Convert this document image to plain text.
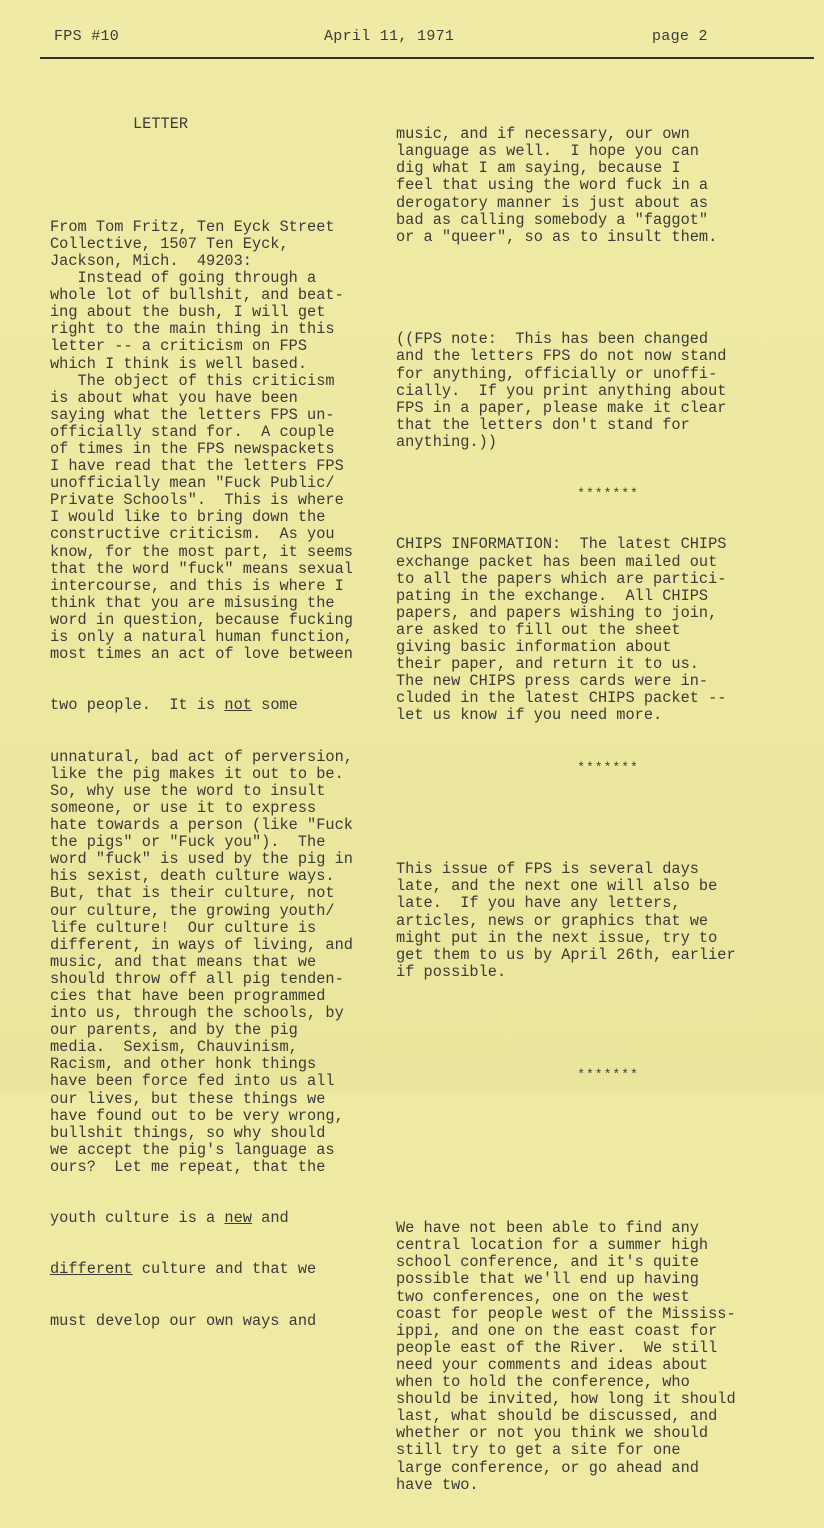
FPS #10	April 11, 1971	page 2

LETTER

From Tom Fritz, Ten Eyck Street
Collective, 1507 Ten Eyck,
Jackson, Mich.  49203:
Instead of going through a
whole lot of bullshit, and beat-
ing about the bush, I will get
right to the main thing in this
letter -- a criticism on FPS
which I think is well based.
The object of this criticism
is about what you have been
saying what the letters FPS un-
officially stand for.  A couple
of times in the FPS newspackets
I have read that the letters FPS
unofficially mean "Fuck Public/
Private Schools".  This is where
I would like to bring down the
constructive criticism.  As you
know, for the most part, it seems
that the word "fuck" means sexual
intercourse, and this is where I
think that you are misusing the
word in question, because fucking
is only a natural human function,
most times an act of love between

two people.  It is not some

unnatural, bad act of perversion,
like the pig makes it out to be.
So, why use the word to insult
someone, or use it to express
hate towards a person (like "Fuck
the pigs" or "Fuck you").  The
word "fuck" is used by the pig in
his sexist, death culture ways.
But, that is their culture, not
our culture, the growing youth/
life culture!  Our culture is
different, in ways of living, and
music, and that means that we
should throw off all pig tenden-
cies that have been programmed
into us, through the schools, by
our parents, and by the pig
media.  Sexism, Chauvinism,
Racism, and other honk things
have been force fed into us all
our lives, but these things we
have found out to be very wrong,
bullshit things, so why should
we accept the pig's language as
ours?  Let me repeat, that the

youth culture is a new and

different culture and that we

must develop our own ways and

music, and if necessary, our own
language as well.  I hope you can
dig what I am saying, because I
feel that using the word fuck in a
derogatory manner is just about as
bad as calling somebody a "faggot"
or a "queer", so as to insult them.

((FPS note:  This has been changed
and the letters FPS do not now stand
for anything, officially or unoffi-
cially.  If you print anything about
FPS in a paper, please make it clear
that the letters don't stand for
anything.))

*******

CHIPS INFORMATION:  The latest CHIPS
exchange packet has been mailed out
to all the papers which are partici-
pating in the exchange.  All CHIPS
papers, and papers wishing to join,
are asked to fill out the sheet
giving basic information about
their paper, and return it to us.
The new CHIPS press cards were in-
cluded in the latest CHIPS packet --
let us know if you need more.

*******

This issue of FPS is several days
late, and the next one will also be
late.  If you have any letters,
articles, news or graphics that we
might put in the next issue, try to
get them to us by April 26th, earlier
if possible.

*******

We have not been able to find any
central location for a summer high
school conference, and it's quite
possible that we'll end up having
two conferences, one on the west
coast for people west of the Mississ-
ippi, and one on the east coast for
people east of the River.  We still
need your comments and ideas about
when to hold the conference, who
should be invited, how long it should
last, what should be discussed, and
whether or not you think we should
still try to get a site for one
large conference, or go ahead and
have two.
